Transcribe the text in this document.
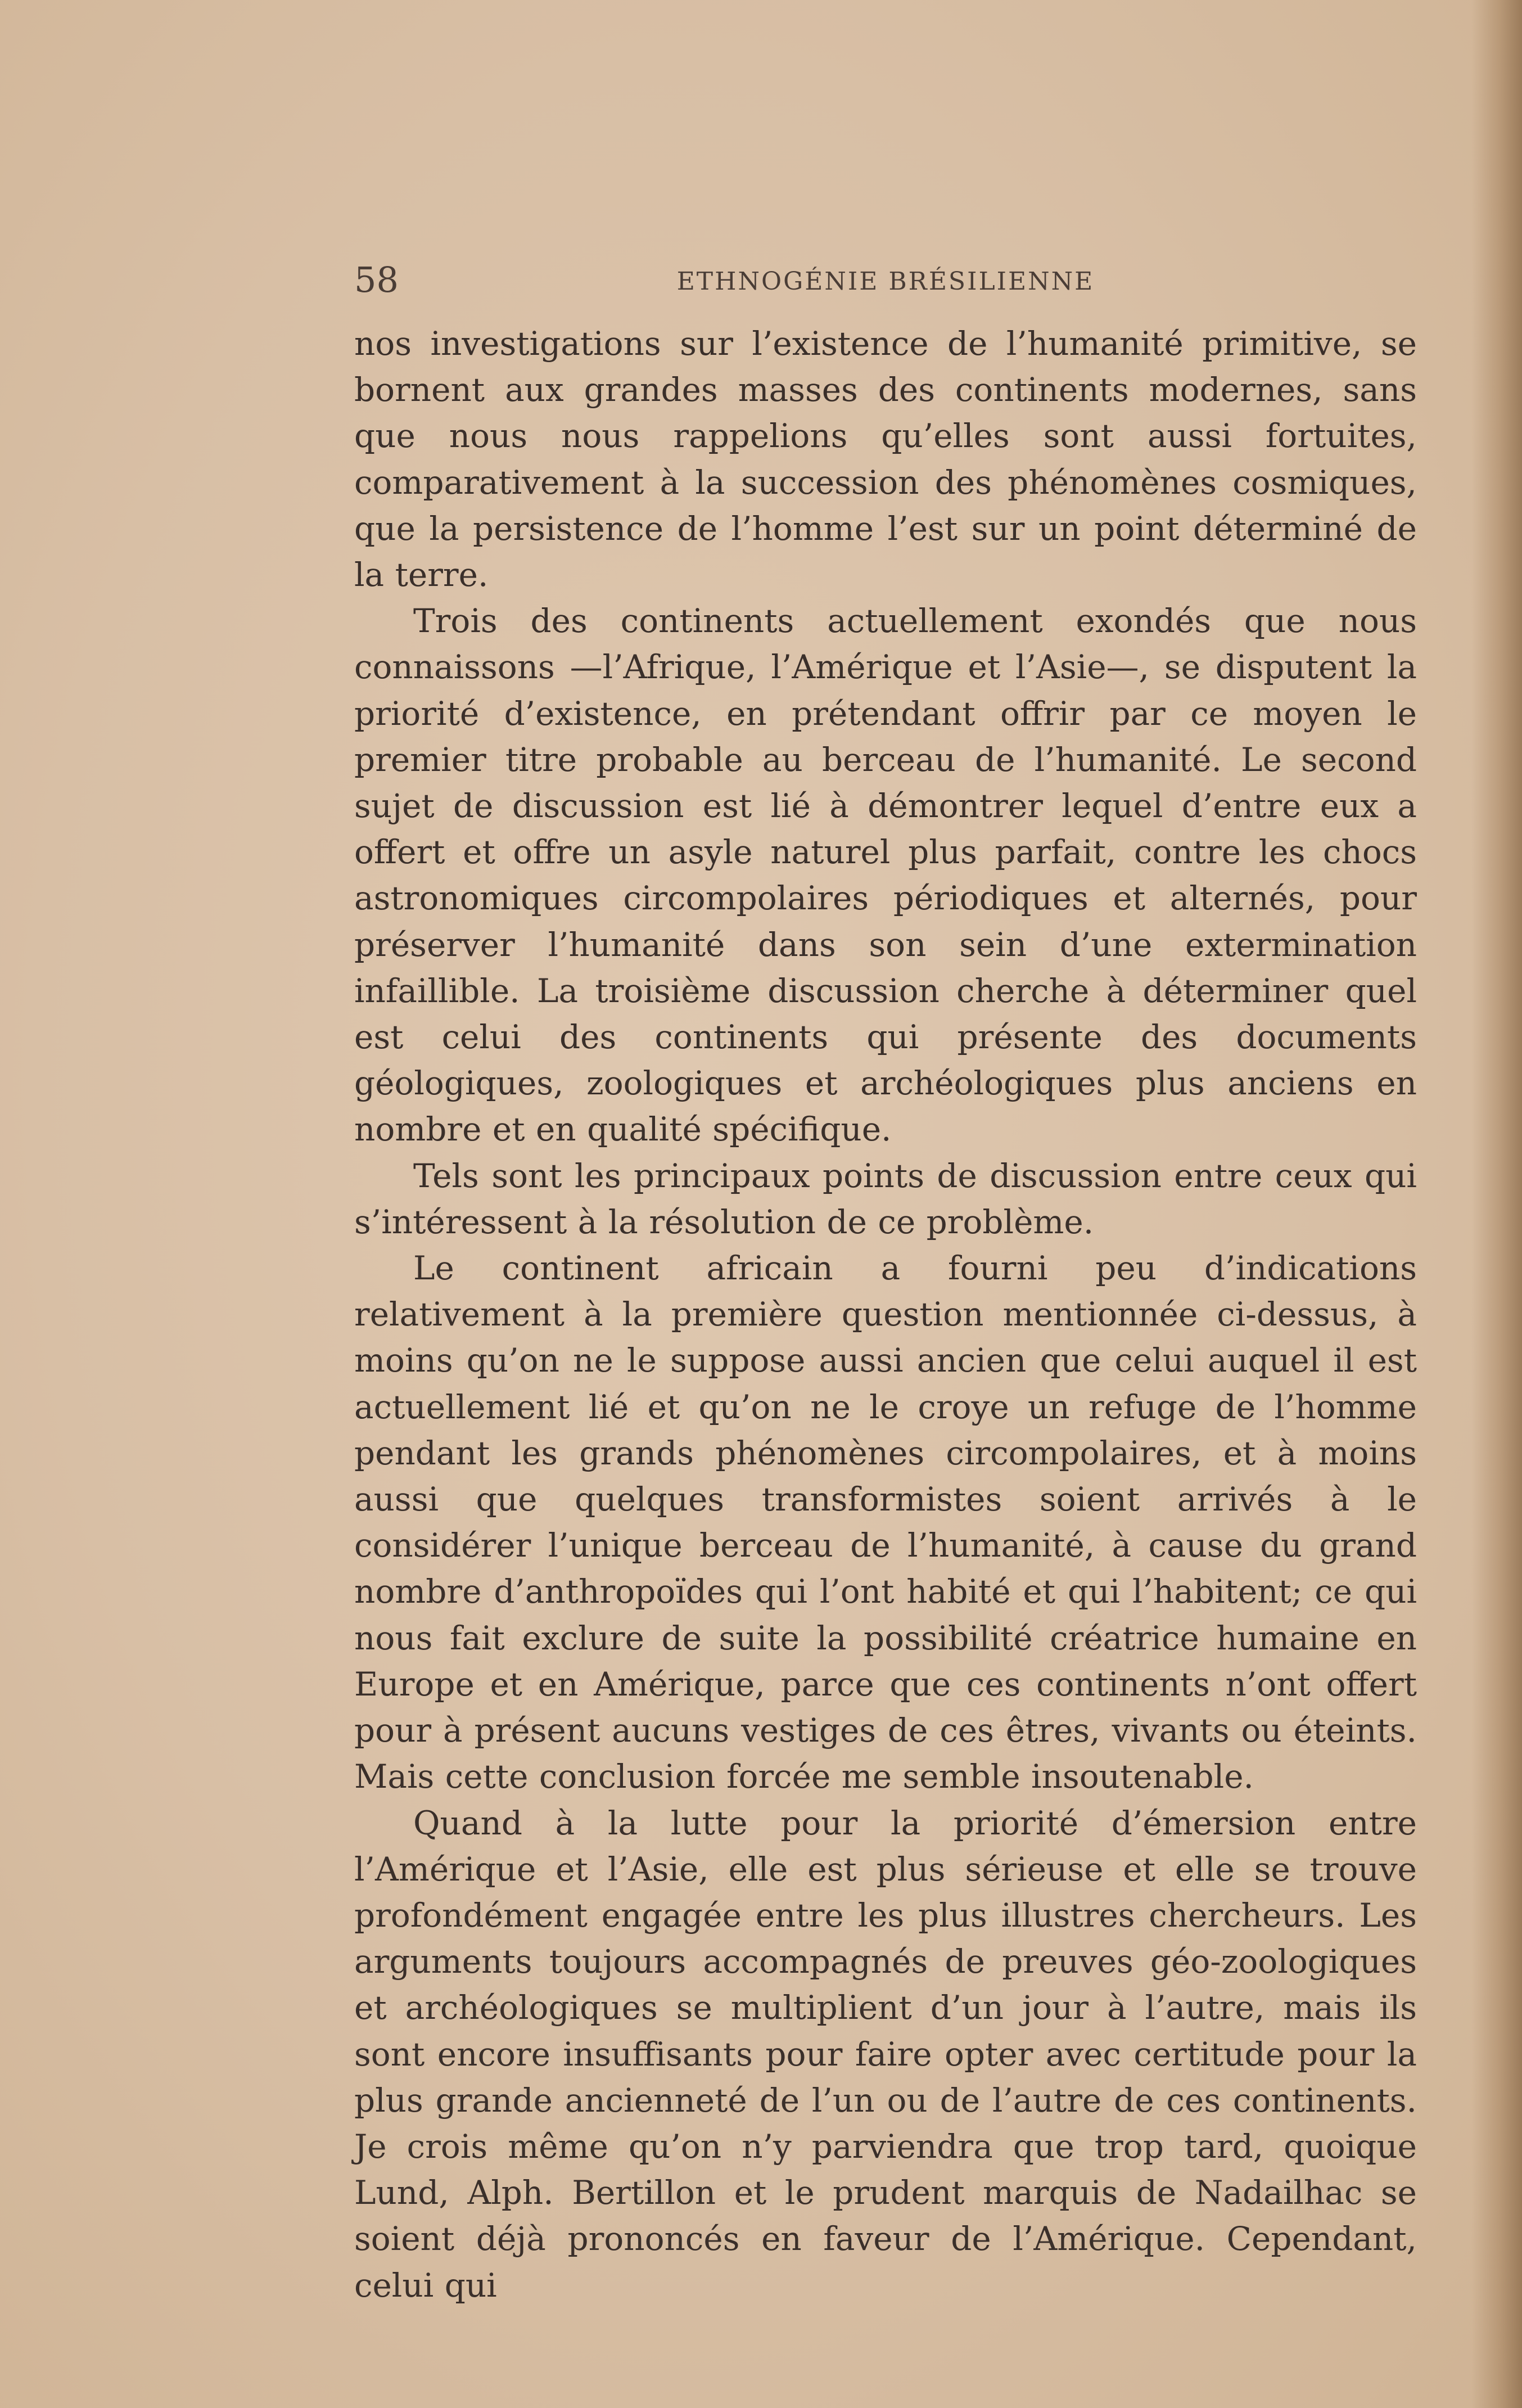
58	ETHNOGÉNIE BRÉSILIENNE

nos investigations sur l’existence de l’humanité primitive, se bornent aux grandes masses des continents modernes, sans que nous nous rappelions qu’elles sont aussi fortuites, comparativement à la succession des phénomènes cosmiques, que la persistence de l’homme l’est sur un point déterminé de la terre.

Trois des continents actuellement exondés que nous connaissons —l’Afrique, l’Amérique et l’Asie—, se disputent la priorité d’existence, en prétendant offrir par ce moyen le premier titre probable au berceau de l’humanité. Le second sujet de discussion est lié à démontrer lequel d’entre eux a offert et offre un asyle naturel plus parfait, contre les chocs astronomiques circompolaires périodiques et alternés, pour préserver l’humanité dans son sein d’une extermination infaillible. La troisième discussion cherche à déterminer quel est celui des continents qui présente des documents géologiques, zoologiques et archéologiques plus anciens en nombre et en qualité spécifique.

Tels sont les principaux points de discussion entre ceux qui s’intéressent à la résolution de ce problème.

Le continent africain a fourni peu d’indications relativement à la première question mentionnée ci-dessus, à moins qu’on ne le suppose aussi ancien que celui auquel il est actuellement lié et qu’on ne le croye un refuge de l’homme pendant les grands phénomènes circompolaires, et à moins aussi que quelques transformistes soient arrivés à le considérer l’unique berceau de l’humanité, à cause du grand nombre d’anthropoïdes qui l’ont habité et qui l’habitent; ce qui nous fait exclure de suite la possibilité créatrice humaine en Europe et en Amérique, parce que ces continents n’ont offert pour à présent aucuns vestiges de ces êtres, vivants ou éteints. Mais cette conclusion forcée me semble insoutenable.

Quand à la lutte pour la priorité d’émersion entre l’Amérique et l’Asie, elle est plus sérieuse et elle se trouve profondément engagée entre les plus illustres chercheurs. Les arguments toujours accompagnés de preuves géo-zoologiques et archéologiques se multiplient d’un jour à l’autre, mais ils sont encore insuffisants pour faire opter avec certitude pour la plus grande ancienneté de l’un ou de l’autre de ces continents. Je crois même qu’on n’y parviendra que trop tard, quoique Lund, Alph. Bertillon et le prudent marquis de Nadailhac se soient déjà prononcés en faveur de l’Amérique. Cependant, celui qui
